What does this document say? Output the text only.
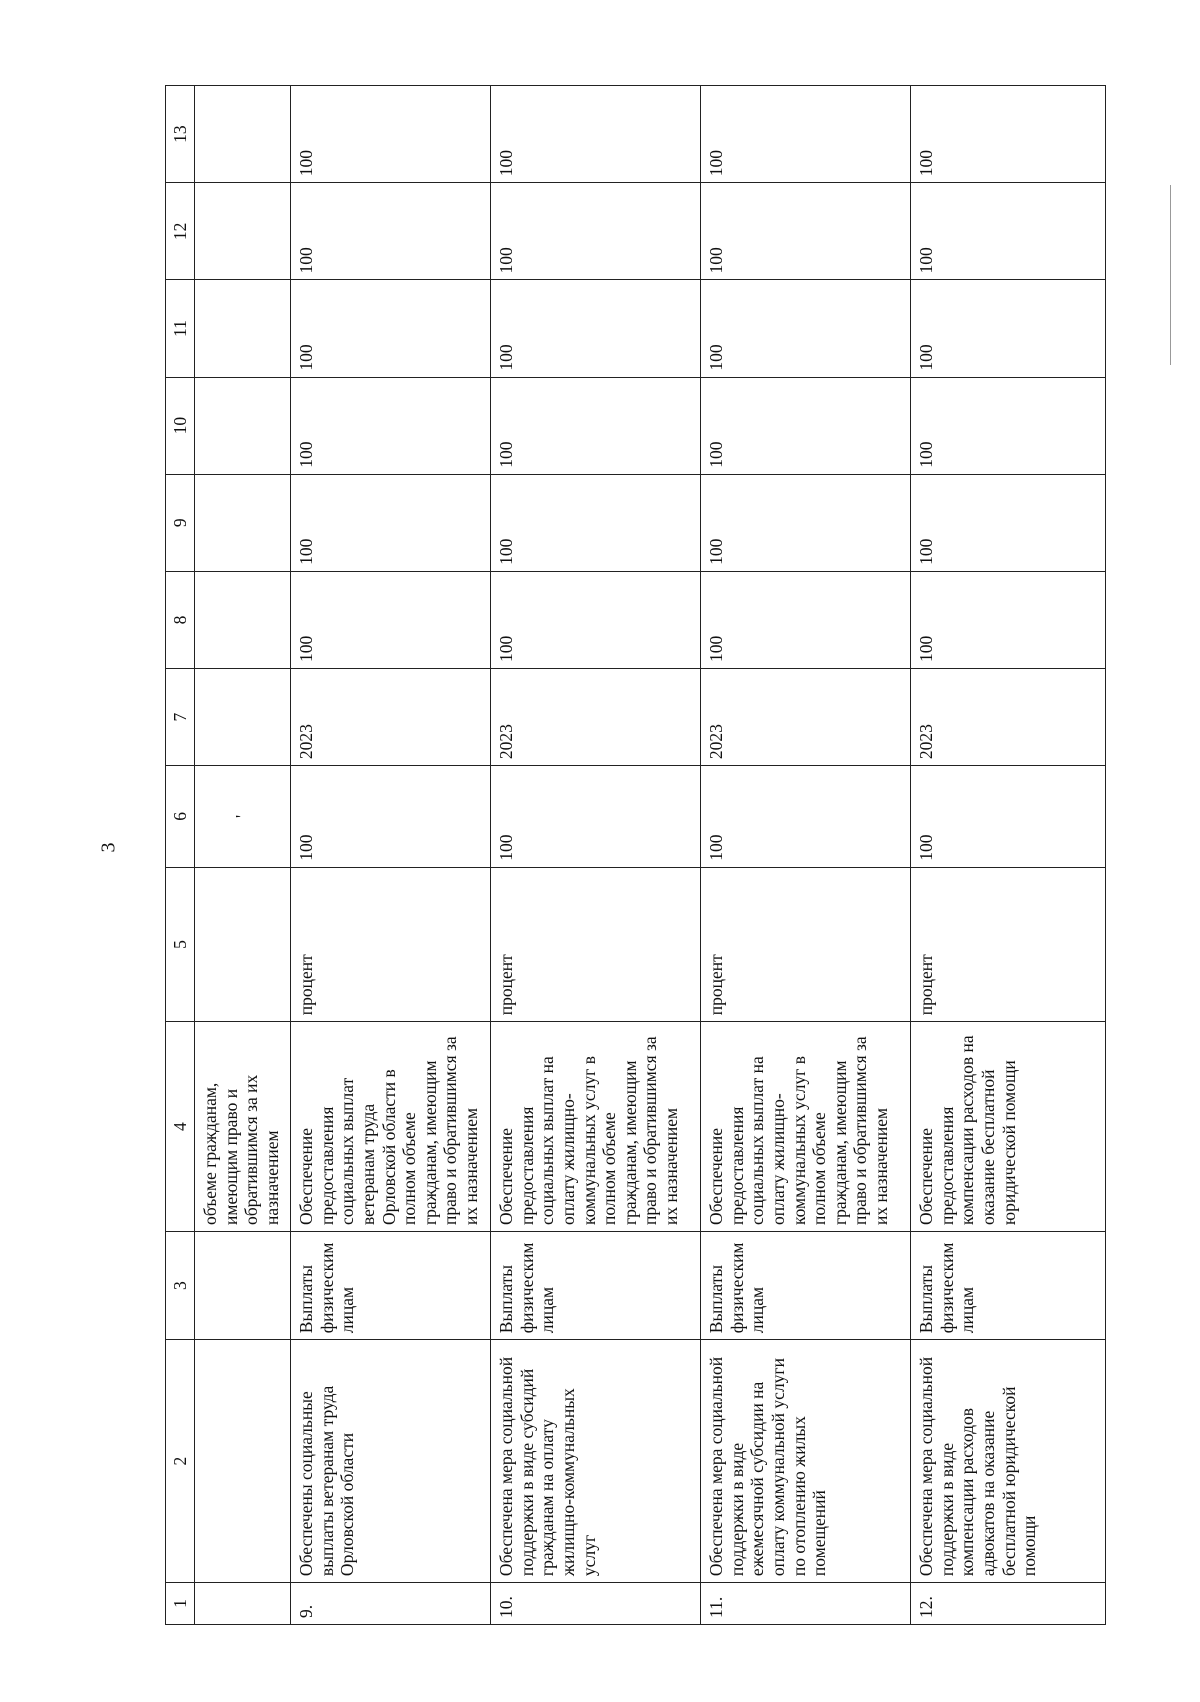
3
1	2	3	4	5	6	7	8	9	10	11	12	13
			объеме гражданам, имеющим право и обратившимся за их назначением		'							
9.	Обеспечены социальные выплаты ветеранам труда Орловской области	Выплаты физическим лицам	Обеспечение предоставления социальных выплат ветеранам труда Орловской области в полном объеме гражданам, имеющим право и обратившимся за их назначением	процент	100	2023	100	100	100	100	100	100
10.	Обеспечена мера социальной поддержки в виде субсидий гражданам на оплату жилищно-коммунальных услуг	Выплаты физическим лицам	Обеспечение предоставления социальных выплат на оплату жилищно-коммунальных услуг в полном объеме гражданам, имеющим право и обратившимся за их назначением	процент	100	2023	100	100	100	100	100	100
11.	Обеспечена мера социальной поддержки в виде ежемесячной субсидии на оплату коммунальной услуги по отоплению жилых помещений	Выплаты физическим лицам	Обеспечение предоставления социальных выплат на оплату жилищно-коммунальных услуг в полном объеме гражданам, имеющим право и обратившимся за их назначением	процент	100	2023	100	100	100	100	100	100
12.	Обеспечена мера социальной поддержки в виде компенсации расходов адвокатов на оказание бесплатной юридической помощи	Выплаты физическим лицам	Обеспечение предоставления компенсации расходов на оказание бесплатной юридической помощи	процент	100	2023	100	100	100	100	100	100
